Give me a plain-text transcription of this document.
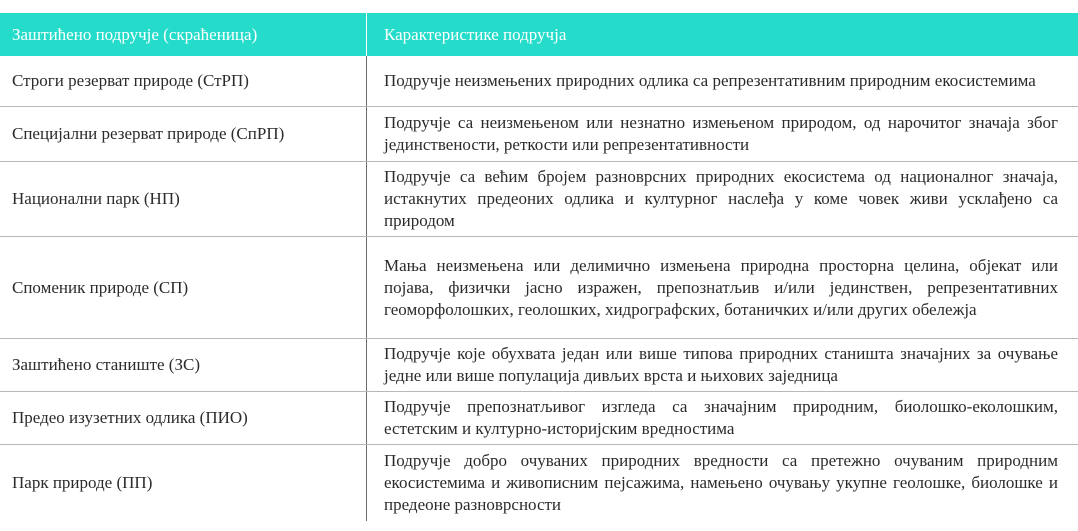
Заштићено подручје (скраћеница)	Карактеристике подручја
Строги резерват природе (СтРП)	Подручје неизмењених природних одлика са репрезентативним природним екосистемима
Специјални резерват природе (СпРП)
Подручје са неизмењеном или незнатно измењеном природом, од нарочитог значаја због јединствености, реткости или репрезентативности
Национални парк (НП)
Подручје са већим бројем разноврсних природних екосистема од националног значаја, истакнутих предеоних одлика и културног наслеђа у коме човек живи усклађено са природом
Споменик природе (СП)
Мања неизмењена или делимично измењена природна просторна целина, објекат или појава, физички јасно изражен, препознатљив и/или јединствен, репрезентативних геоморфолошких, геолошких, хидрографских, ботаничких и/или других обележја
Заштићено станиште (ЗС)
Подручје које обухвата један или више типова природних станишта значајних за очување једне или више популација дивљих врста и њихових заједница
Предео изузетних одлика (ПИО)
Подручје препознатљивог изгледа са значајним природним, биолошко-еколошким, естетским и културно-историјским вредностима
Парк природе (ПП)
Подручје добро очуваних природних вредности са претежно очуваним природним екосистемима и живописним пејсажима, намењено очувању укупне геолошке, биолошке и предеоне разноврсности
